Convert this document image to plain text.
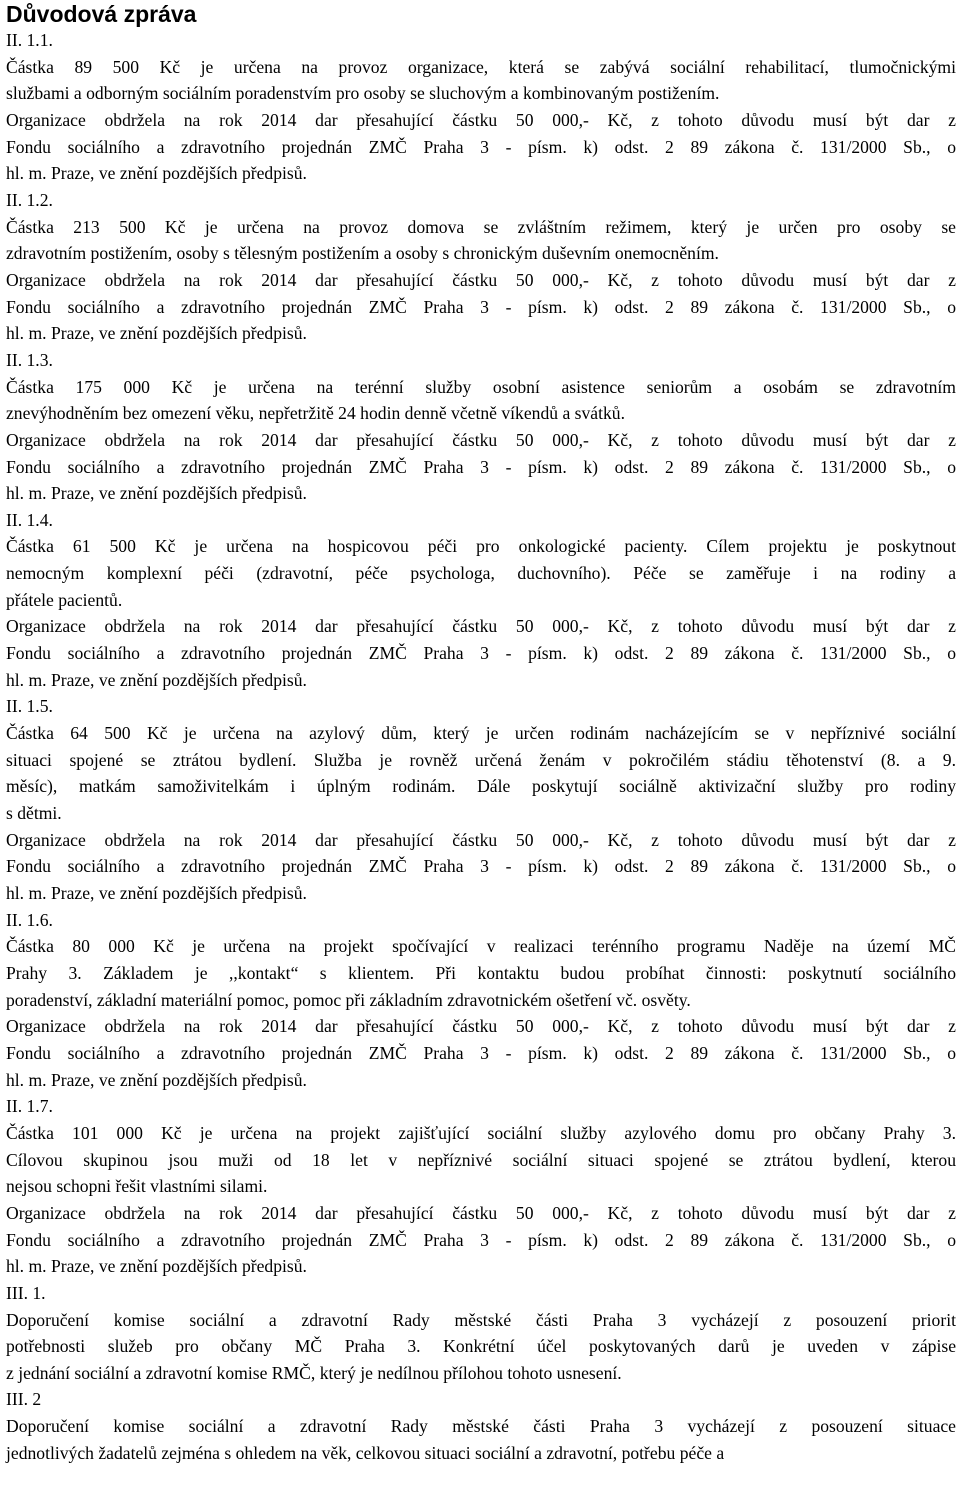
Důvodová zpráva
II. 1.1.
Částka 89 500 Kč je určena na provoz organizace, která se zabývá sociální rehabilitací, tlumočnickými
službami a odborným sociálním poradenstvím pro osoby se sluchovým a kombinovaným postižením.
Organizace obdržela na rok 2014 dar přesahující částku 50 000,- Kč, z tohoto důvodu musí být dar z
Fondu sociálního a zdravotního projednán ZMČ Praha 3 - písm. k) odst. 2 89 zákona č. 131/2000 Sb., o
hl. m. Praze, ve znění pozdějších předpisů.
II. 1.2.
Částka 213 500 Kč je určena na provoz domova se zvláštním režimem, který je určen pro osoby se
zdravotním postižením, osoby s tělesným postižením a osoby s chronickým duševním onemocněním.
Organizace obdržela na rok 2014 dar přesahující částku 50 000,- Kč, z tohoto důvodu musí být dar z
Fondu sociálního a zdravotního projednán ZMČ Praha 3 - písm. k) odst. 2 89 zákona č. 131/2000 Sb., o
hl. m. Praze, ve znění pozdějších předpisů.
II. 1.3.
Částka 175 000 Kč je určena na terénní služby osobní asistence seniorům a osobám se zdravotním
znevýhodněním bez omezení věku, nepřetržitě 24 hodin denně včetně víkendů a svátků.
Organizace obdržela na rok 2014 dar přesahující částku 50 000,- Kč, z tohoto důvodu musí být dar z
Fondu sociálního a zdravotního projednán ZMČ Praha 3 - písm. k) odst. 2 89 zákona č. 131/2000 Sb., o
hl. m. Praze, ve znění pozdějších předpisů.
II. 1.4.
Částka 61 500 Kč je určena na hospicovou péči pro onkologické pacienty. Cílem projektu je poskytnout
nemocným komplexní péči (zdravotní, péče psychologa, duchovního). Péče se zaměřuje i na rodiny a
přátele pacientů.
Organizace obdržela na rok 2014 dar přesahující částku 50 000,- Kč, z tohoto důvodu musí být dar z
Fondu sociálního a zdravotního projednán ZMČ Praha 3 - písm. k) odst. 2 89 zákona č. 131/2000 Sb., o
hl. m. Praze, ve znění pozdějších předpisů.
II. 1.5.
Částka 64 500 Kč je určena na azylový dům, který je určen rodinám nacházejícím se v nepříznivé sociální
situaci spojené se ztrátou bydlení. Služba je rovněž určená ženám v pokročilém stádiu těhotenství (8. a 9.
měsíc), matkám samoživitelkám i úplným rodinám. Dále poskytují sociálně aktivizační služby pro rodiny
s dětmi.
Organizace obdržela na rok 2014 dar přesahující částku 50 000,- Kč, z tohoto důvodu musí být dar z
Fondu sociálního a zdravotního projednán ZMČ Praha 3 - písm. k) odst. 2 89 zákona č. 131/2000 Sb., o
hl. m. Praze, ve znění pozdějších předpisů.
II. 1.6.
Částka 80 000 Kč je určena na projekt spočívající v realizaci terénního programu Naděje na území MČ
Prahy 3. Základem je ,,kontakt“ s klientem. Při kontaktu budou probíhat činnosti: poskytnutí sociálního
poradenství, základní materiální pomoc, pomoc při základním zdravotnickém ošetření vč. osvěty.
Organizace obdržela na rok 2014 dar přesahující částku 50 000,- Kč, z tohoto důvodu musí být dar z
Fondu sociálního a zdravotního projednán ZMČ Praha 3 - písm. k) odst. 2 89 zákona č. 131/2000 Sb., o
hl. m. Praze, ve znění pozdějších předpisů.
II. 1.7.
Částka 101 000 Kč je určena na projekt zajišťující sociální služby azylového domu pro občany Prahy 3.
Cílovou skupinou jsou muži od 18 let v nepříznivé sociální situaci spojené se ztrátou bydlení, kterou
nejsou schopni řešit vlastními silami.
Organizace obdržela na rok 2014 dar přesahující částku 50 000,- Kč, z tohoto důvodu musí být dar z
Fondu sociálního a zdravotního projednán ZMČ Praha 3 - písm. k) odst. 2 89 zákona č. 131/2000 Sb., o
hl. m. Praze, ve znění pozdějších předpisů.
III. 1.
Doporučení komise sociální a zdravotní Rady městské části Praha 3 vycházejí z posouzení priorit
potřebnosti služeb pro občany MČ Praha 3. Konkrétní účel poskytovaných darů je uveden v zápise
z jednání sociální a zdravotní komise RMČ, který je nedílnou přílohou tohoto usnesení.
III. 2
Doporučení komise sociální a zdravotní Rady městské části Praha 3 vycházejí z posouzení situace
jednotlivých žadatelů zejména s ohledem na věk, celkovou situaci sociální a zdravotní, potřebu péče a
